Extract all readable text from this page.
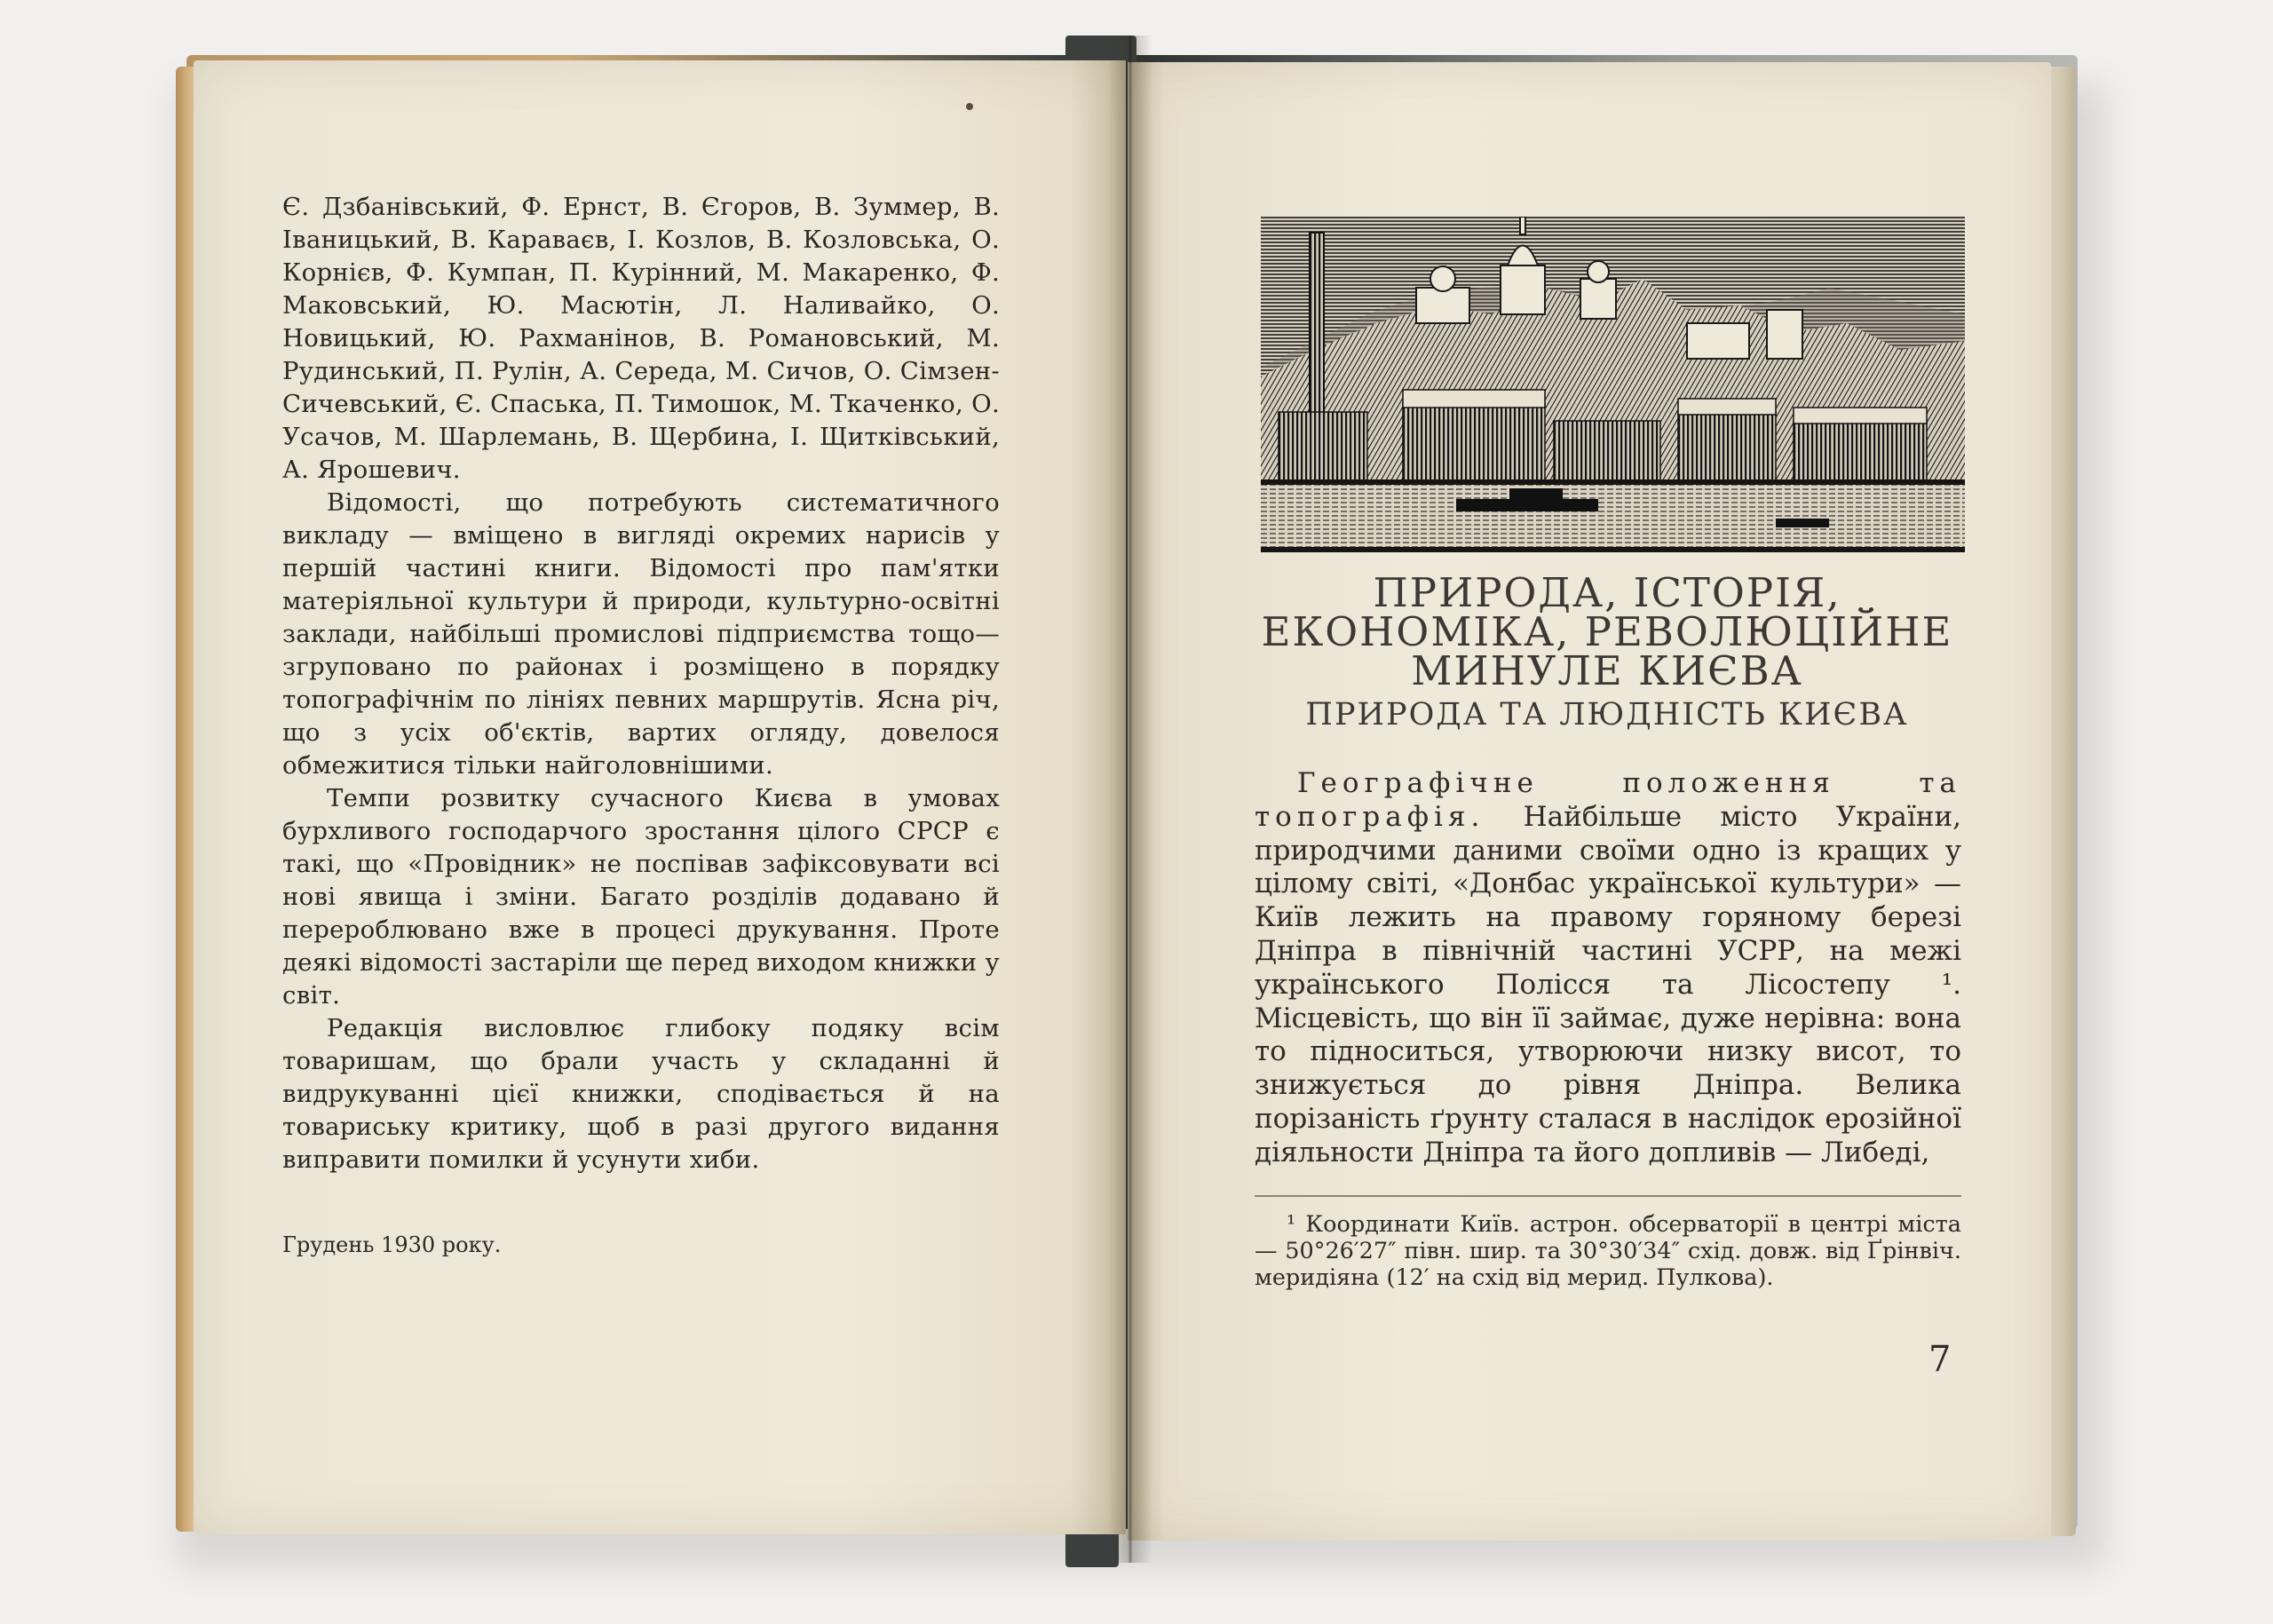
Є. Дзбанівський, Ф. Ернст, В. Єгоров, В. Зуммер, В. Іваницький, В. Караваєв, І. Козлов, В. Козловська, О. Корнієв, Ф. Кумпан, П. Курінний, М. Макаренко, Ф. Маковський, Ю. Масютін, Л. Наливайко, О. Новицький, Ю. Рахманінов, В. Романовський, М. Рудинський, П. Рулін, А. Середа, М. Сичов, О. Сімзен-Сичевський, Є. Спаська, П. Тимошок, М. Ткаченко, О. Усачов, М. Шарлемань, В. Щербина, І. Щитківський, А. Ярошевич.

Відомості, що потребують систематичного викладу — вміщено в вигляді окремих нарисів у першій частині книги. Відомості про пам'ятки матеріяльної культури й природи, культурно-освітні заклади, найбільші промислові підприємства тощо— згруповано по районах і розміщено в порядку топографічнім по лініях певних маршрутів. Ясна річ, що з усіх об'єктів, вартих огляду, довелося обмежитися тільки найголовнішими.

Темпи розвитку сучасного Києва в умовах бурхливого господарчого зростання цілого СРСР є такі, що «Провідник» не поспівав зафіксовувати всі нові явища і зміни. Багато розділів додавано й перероблювано вже в процесі друкування. Проте деякі відомості застаріли ще перед виходом книжки у світ.

Редакція висловлює глибоку подяку всім товаришам, що брали участь у складанні й видрукуванні цієї книжки, сподівається й на товариську критику, щоб в разі другого видання виправити помилки й усунути хиби.

Грудень 1930 року.
ПРИРОДА, ІСТОРІЯ, ЕКОНОМІКА, РЕВОЛЮЦІЙНЕ МИНУЛЕ КИЄВА
ПРИРОДА ТА ЛЮДНІСТЬ КИЄВА

Географічне положення та топографія. Найбільше місто України, природчими даними своїми одно із кращих у цілому світі, «Донбас української культури» — Київ лежить на правому горяному березі Дніпра в північній частині УСРР, на межі українського Полісся та Лісостепу ¹. Місцевість, що він її займає, дуже нерівна: вона то підноситься, утворюючи низку висот, то знижується до рівня Дніпра. Велика порізаність ґрунту сталася в наслідок ерозійної діяльности Дніпра та його допливів — Либеді,

¹ Координати Київ. астрон. обсерваторії в центрі міста — 50°26′27″ півн. шир. та 30°30′34″ схід. довж. від Ґрінвіч. меридіяна (12′ на схід від мерид. Пулкова).

7
